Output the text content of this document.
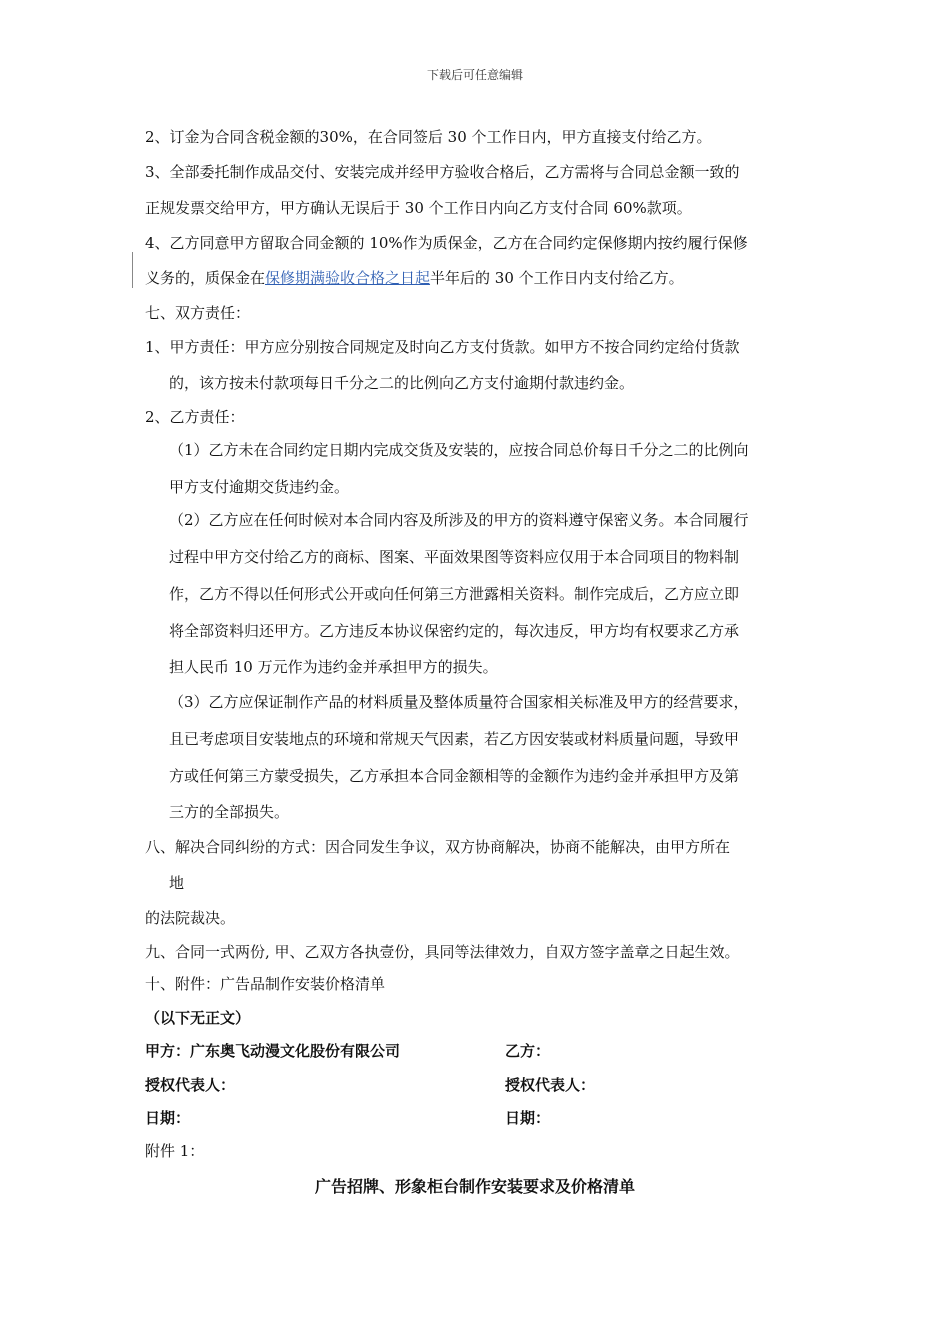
下载后可任意编辑
2、订金为合同含税金额的30%，在合同签后 30 个工作日内，甲方直接支付给乙方。
3、全部委托制作成品交付、安装完成并经甲方验收合格后，乙方需将与合同总金额一致的
正规发票交给甲方，甲方确认无误后于 30 个工作日内向乙方支付合同 60%款项。
4、乙方同意甲方留取合同金额的 10%作为质保金，乙方在合同约定保修期内按约履行保修
义务的，质保金在保修期满验收合格之日起半年后的 30 个工作日内支付给乙方。
七、双方责任：
1、甲方责任：甲方应分别按合同规定及时向乙方支付货款。如甲方不按合同约定给付货款
的，该方按未付款项每日千分之二的比例向乙方支付逾期付款违约金。
2、乙方责任：
（1）乙方未在合同约定日期内完成交货及安装的，应按合同总价每日千分之二的比例向
甲方支付逾期交货违约金。
（2）乙方应在任何时候对本合同内容及所涉及的甲方的资料遵守保密义务。本合同履行
过程中甲方交付给乙方的商标、图案、平面效果图等资料应仅用于本合同项目的物料制
作，乙方不得以任何形式公开或向任何第三方泄露相关资料。制作完成后，乙方应立即
将全部资料归还甲方。乙方违反本协议保密约定的，每次违反，甲方均有权要求乙方承
担人民币 10 万元作为违约金并承担甲方的损失。
（3）乙方应保证制作产品的材料质量及整体质量符合国家相关标准及甲方的经营要求，
且已考虑项目安装地点的环境和常规天气因素，若乙方因安装或材料质量问题，导致甲
方或任何第三方蒙受损失，乙方承担本合同金额相等的金额作为违约金并承担甲方及第
三方的全部损失。
八、解决合同纠纷的方式：因合同发生争议，双方协商解决，协商不能解决，由甲方所在
地
的法院裁决。
九、合同一式两份, 甲、乙双方各执壹份，具同等法律效力，自双方签字盖章之日起生效。
十、附件：广告品制作安装价格清单
（以下无正文）
甲方：广东奥飞动漫文化股份有限公司	乙方：
授权代表人：	授权代表人：
日期：	日期：
附件 1：
广告招牌、形象柜台制作安装要求及价格清单
